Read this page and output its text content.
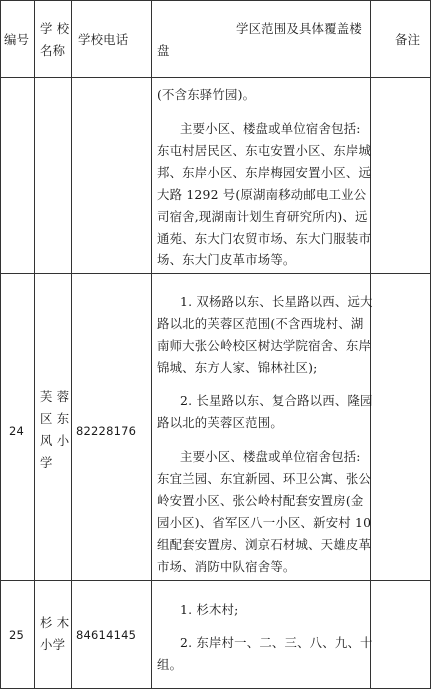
编号
学 校
名称
学校电话
学区范围及具体覆盖楼
盘
备注
(不含东驿竹园)。
主要小区、楼盘或单位宿舍包括:
东屯村居民区、东屯安置小区、东岸城
邦、东岸小区、东岸梅园安置小区、远
大路 1292 号(原湖南移动邮电工业公
司宿舍,现湖南计划生育研究所内)、远
通苑、东大门农贸市场、东大门服装市
场、东大门皮革市场等。
24
芙 蓉
区 东
风 小
学
82228176
1. 双杨路以东、长星路以西、远大
路以北的芙蓉区范围(不含西垅村、湖
南师大张公岭校区树达学院宿舍、东岸
锦城、东方人家、锦林社区);
2. 长星路以东、复合路以西、隆园
路以北的芙蓉区范围。
主要小区、楼盘或单位宿舍包括:
东宜兰园、东宜新园、环卫公寓、张公
岭安置小区、张公岭村配套安置房(金
园小区)、省军区八一小区、新安村 10
组配套安置房、浏京石材城、天雄皮革
市场、消防中队宿舍等。
25
杉 木
小学
84614145
1. 杉木村;
2. 东岸村一、二、三、八、九、十
组。
